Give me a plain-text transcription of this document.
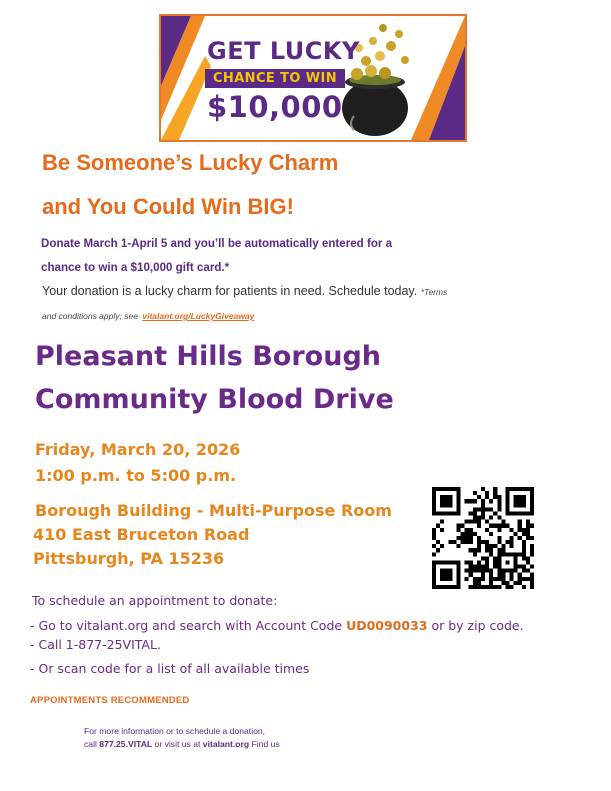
GET LUCKY
CHANCE TO WIN
$10,000
Be Someone’s Lucky Charm
and You Could Win BIG!
Donate March 1-April 5 and you’ll be automatically entered for a
chance to win a $10,000 gift card.*
Your donation is a lucky charm for patients in need. Schedule today. *Terms
and conditions apply; see vitalant.org/LuckyGiveaway
Pleasant Hills Borough
Community Blood Drive
Friday, March 20, 2026
1:00 p.m. to 5:00 p.m.
Borough Building - Multi-Purpose Room
410 East Bruceton Road
Pittsburgh, PA 15236
To schedule an appointment to donate:
- Go to vitalant.org and search with Account Code UD0090033 or by zip code.
- Call 1-877-25VITAL.
- Or scan code for a list of all available times
APPOINTMENTS RECOMMENDED
For more information or to schedule a donation,
call 877.25.VITAL or visit us at vitalant.org Find us
